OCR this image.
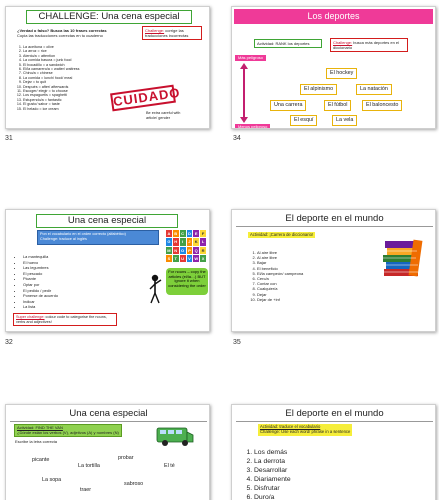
CHALLENGE: Una cena especial
¿Verdad o falso? Busca las 10 frases correctas
Copia las traducciones correctas en tu cuaderno
Challenge: corrige las traducciones incorrectas
1. La aceituna = olive
2. La arroz = rice
3. Atento/a = attention
4. La comida basura = junk food
5. El bocadillo = a sandwich
6. El/la camarero/a = waiter/ waitress
7. Chino/a = chinese
8. La comida = lunch/ food/ meal
9. Dejar = to quit
10. Después = after/ afterwards
11. Escoger/ elegir = to choose
12. Los espaguetis = spaghetti
13. Estupendo/a = fantastic
14. El gusto/ sabor = taste
15. El helado = ice cream	CUIDADO
Be extra careful with article/ gender
31
Los deportes
Actividad: RANK los deportes	Challenge: busca más deportes en el diccionario
Más peligroso
Menos peligroso
El hockey
El alpinismo	La natación
Una carrera	El fútbol	El baloncesto
El esquí	La vela
34
Una cena especial
Pon el vocabulario en el orden correcto (alfabético)
Challenge: traduce al inglés
A B C D	E	F
G H	I	J	K	L
M N O P Q R
S	T	U	V W X
• La mantequilla
• El huevo
• Las legumbres
• El pescado
• Picante
• Optar por
• El pedido / pedir
• Ponerse de acuerdo
• Indicar
• La lista
For nouns – copy the articles (el/la…) BUT ignore it when considering the order
Super challenge: colour code to categorise the nouns, verbs and adjectives!
32
El deporte en el mundo
Actividad: ¡Carrera de diccionario!
1. Al aire libre
2. Al aire libre
3. Bajar
4. El beneficio
5. El/la campeón/ campeona
6. Cerc/a
7. Contar con
8. Cualquier/a
9. Dejar
10. Dejar de +inf
35
Una cena especial
Actividad: FIND THE VAN
¿Dónde están los verbos (V), adjetivos (A) y nombres (N)
Escribe la letra correcta
picante	probar
La tortilla	El té
La sopa
sabroso
traer
El deporte en el mundo
Actividad: traduce el vocabulario
Challenge: Use each word/ phrase in a sentence
1. Los demás
2. La derrota
3. Desarrollar
4. Diariamente
5. Disfrutar
6. Duro/a
